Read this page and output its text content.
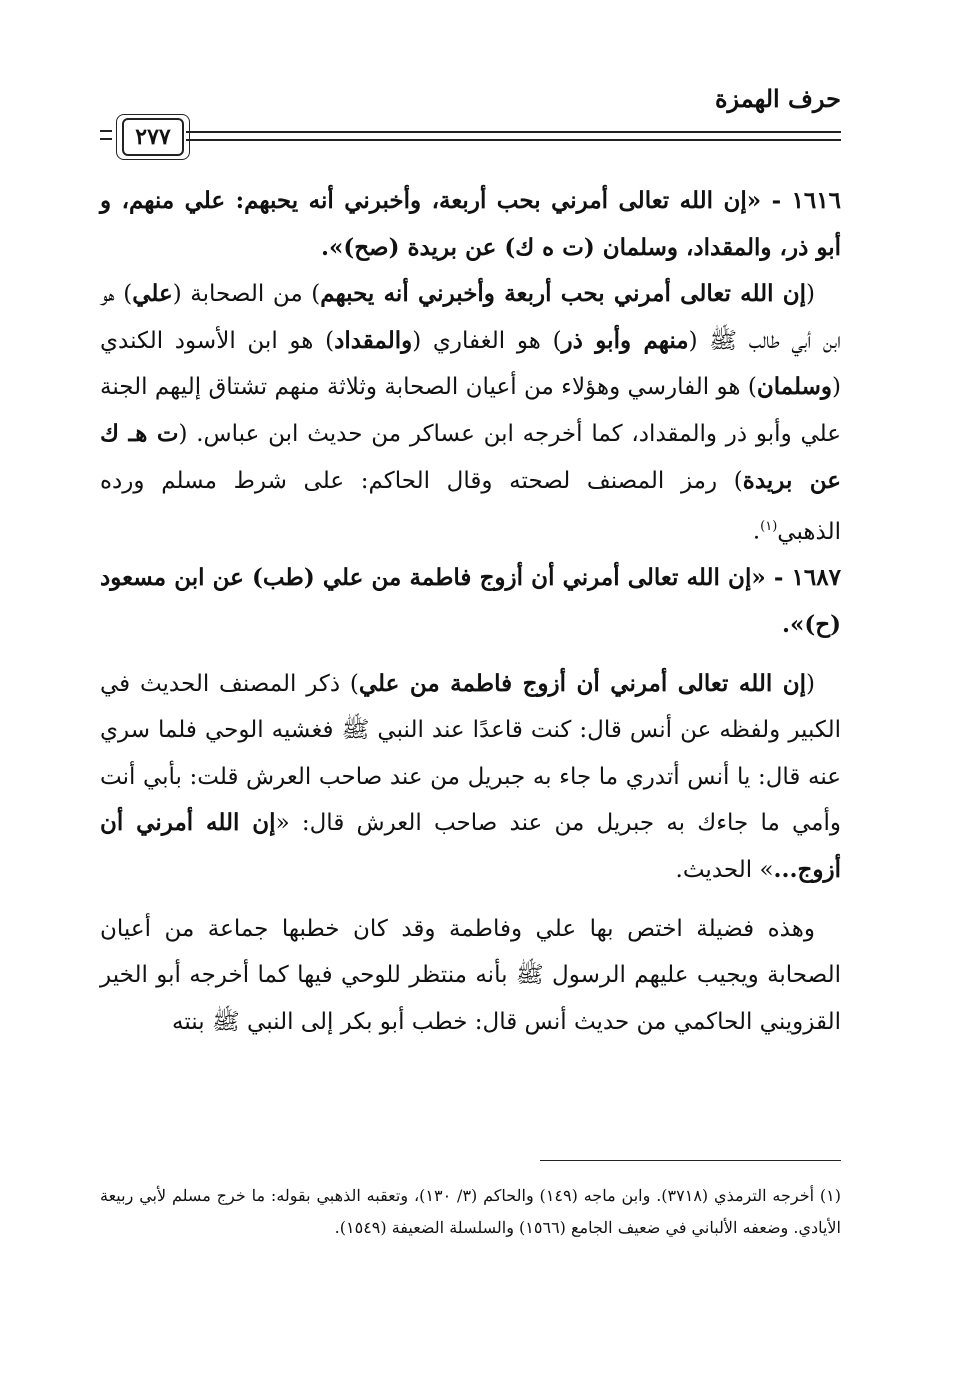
حرف الهمزة
٢٧٧

١٦١٦ - «إن الله تعالى أمرني بحب أربعة، وأخبرني أنه يحبهم: علي منهم، و أبو ذر، والمقداد، وسلمان (ت ه ك) عن بريدة (صح)».

(إن الله تعالى أمرني بحب أربعة وأخبرني أنه يحبهم) من الصحابة (علي) هو ابن أبي طالب ﷺ (منهم وأبو ذر) هو الغفاري (والمقداد) هو ابن الأسود الكندي (وسلمان) هو الفارسي وهؤلاء من أعيان الصحابة وثلاثة منهم تشتاق إليهم الجنة علي وأبو ذر والمقداد، كما أخرجه ابن عساكر من حديث ابن عباس. (ت هـ ك عن بريدة) رمز المصنف لصحته وقال الحاكم: على شرط مسلم ورده الذهبي$^{(١)}$.

١٦٨٧ - «إن الله تعالى أمرني أن أزوج فاطمة من علي (طب) عن ابن مسعود (ح)».

(إن الله تعالى أمرني أن أزوج فاطمة من علي) ذكر المصنف الحديث في الكبير ولفظه عن أنس قال: كنت قاعدًا عند النبي ﷺ فغشيه الوحي فلما سري عنه قال: يا أنس أتدري ما جاء به جبريل من عند صاحب العرش قلت: بأبي أنت وأمي ما جاءك به جبريل من عند صاحب العرش قال: «إن الله أمرني أن أزوج...» الحديث.

وهذه فضيلة اختص بها علي وفاطمة وقد كان خطبها جماعة من أعيان الصحابة ويجيب عليهم الرسول ﷺ بأنه منتظر للوحي فيها كما أخرجه أبو الخير القزويني الحاكمي من حديث أنس قال: خطب أبو بكر إلى النبي ﷺ بنته

(١) أخرجه الترمذي (٣٧١٨). وابن ماجه (١٤٩) والحاكم (٣/ ١٣٠)، وتعقبه الذهبي بقوله: ما خرج مسلم لأبي ربيعة الأيادي. وضعفه الألباني في ضعيف الجامع (١٥٦٦) والسلسلة الضعيفة (١٥٤٩).
